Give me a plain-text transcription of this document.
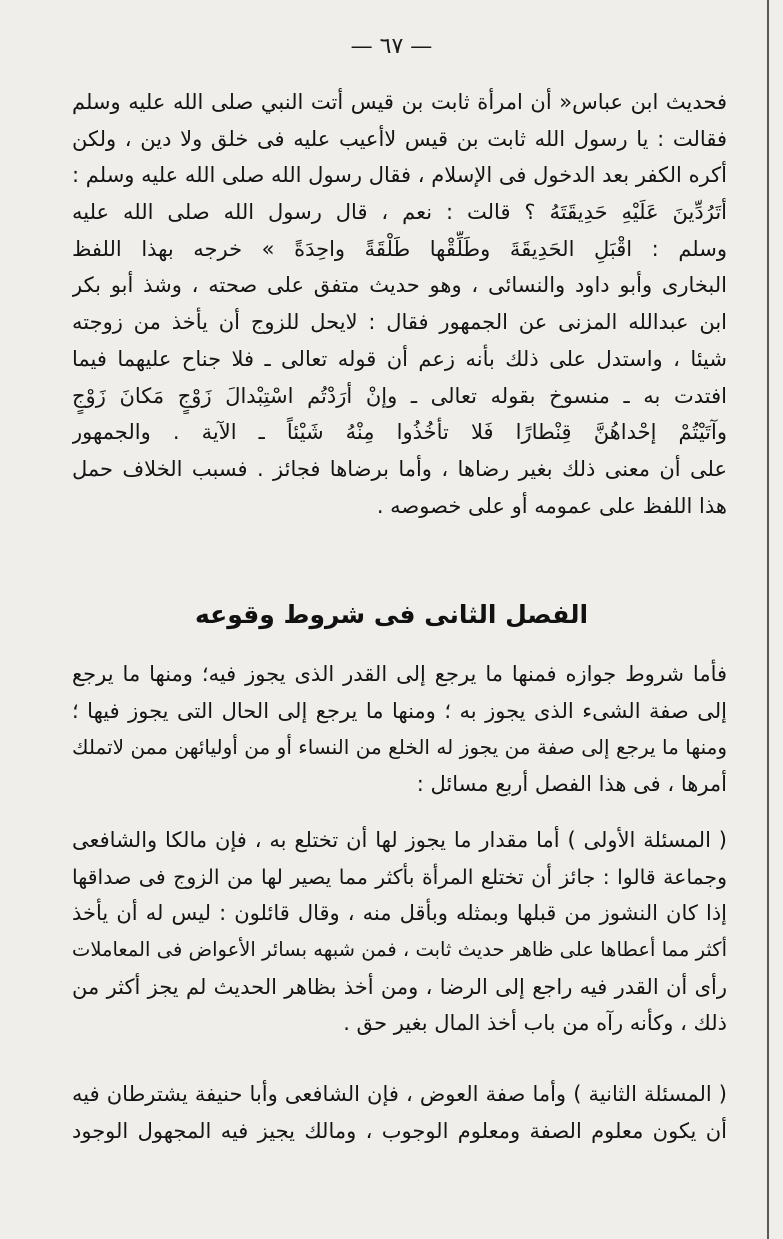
— ٦٧ —
فحديث ابن عباس« أن امرأة ثابت بن قيس أتت النبي صلى الله عليه وسلم
فقالت : يا رسول الله ثابت بن قيس لاأعيب عليه فى خلق ولا دين ، ولكن
أكره الكفر بعد الدخول فى الإسلام ، فقال رسول الله صلى الله عليه وسلم :
أتَرُدِّينَ عَلَيْهِ حَدِيقَتَهُ ؟ قالت : نعم ، قال رسول الله صلى الله عليه
وسلم : اقْبَلِ الحَدِيقَةَ وطَلِّقْها طَلْقَةً واحِدَةً » خرجه بهذا اللفظ
البخارى وأبو داود والنسائى ، وهو حديث متفق على صحته ، وشذ أبو بكر
ابن عبدالله المزنى عن الجمهور فقال : لايحل للزوج أن يأخذ من زوجته
شيئا ، واستدل على ذلك بأنه زعم أن قوله تعالى ـ فلا جناح عليهما فيما
افتدت به ـ منسوخ بقوله تعالى ـ وإنْ أرَدْتُم اسْتِبْدالَ زَوْجٍ مَكانَ زَوْجٍ
وآتَيْتُمْ إحْداهُنَّ قِنْطارًا فَلا تأخُذُوا مِنْهُ شَيْئاً ـ الآية . والجمهور
على أن معنى ذلك بغير رضاها ، وأما برضاها فجائز . فسبب الخلاف حمل
هذا اللفظ على عمومه أو على خصوصه .
الفصل الثانى فى شروط وقوعه
فأما شروط جوازه فمنها ما يرجع إلى القدر الذى يجوز فيه؛ ومنها ما يرجع
إلى صفة الشىء الذى يجوز به ؛ ومنها ما يرجع إلى الحال التى يجوز فيها ؛
ومنها ما يرجع إلى صفة من يجوز له الخلع من النساء أو من أوليائهن ممن لاتملك
أمرها ، فى هذا الفصل أربع مسائل :
( المسئلة الأولى ) أما مقدار ما يجوز لها أن تختلع به ، فإن مالكا والشافعى
وجماعة قالوا : جائز أن تختلع المرأة بأكثر مما يصير لها من الزوج فى صداقها
إذا كان النشوز من قبلها وبمثله وبأقل منه ، وقال قائلون : ليس له أن يأخذ
أكثر مما أعطاها على ظاهر حديث ثابت ، فمن شبهه بسائر الأعواض فى المعاملات
رأى أن القدر فيه راجع إلى الرضا ، ومن أخذ بظاهر الحديث لم يجز أكثر من
ذلك ، وكأنه رآه من باب أخذ المال بغير حق .
( المسئلة الثانية ) وأما صفة العوض ، فإن الشافعى وأبا حنيفة يشترطان فيه
أن يكون معلوم الصفة ومعلوم الوجوب ، ومالك يجيز فيه المجهول الوجود
